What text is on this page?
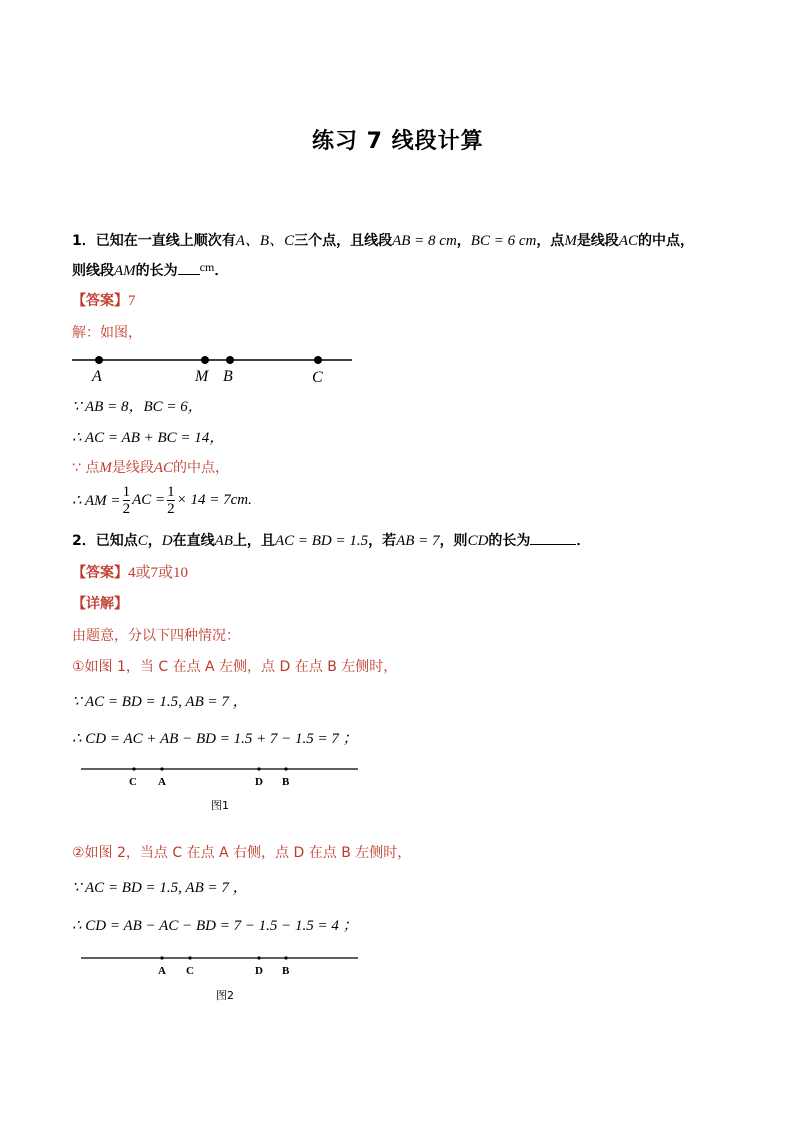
练习 7 线段计算
1．已知在一直线上顺次有A、B、C三个点，且线段AB = 8 cm，BC = 6 cm，点M是线段AC的中点，
则线段AM的长为 cm．
【答案】7
解：如图，
A	M B	C
∵ AB = 8，BC = 6，
∴ AC = AB + BC = 14，
∵ 点M是线段AC的中点，
∴ AM = $\frac{1}{2}$ AC = $\frac{1}{2} \times 14 = 7cm$.
2．已知点C，D在直线AB上，且AC = BD = 1.5，若AB = 7，则CD的长为	．
【答案】4或7或10
【详解】
由题意，分以下四种情况：
①如图 1，当 C 在点 A 左侧，点 D 在点 B 左侧时，
∵ AC = BD = 1.5, AB = 7 ，
∴ CD = AC + AB − BD = 1.5 + 7 − 1.5 = 7 ；
C A	D B
图1
②如图 2，当点 C 在点 A 右侧，点 D 在点 B 左侧时，
∵ AC = BD = 1.5, AB = 7 ，
∴ CD = AB − AC − BD = 7 − 1.5 − 1.5 = 4 ；
A C	D B
图2
